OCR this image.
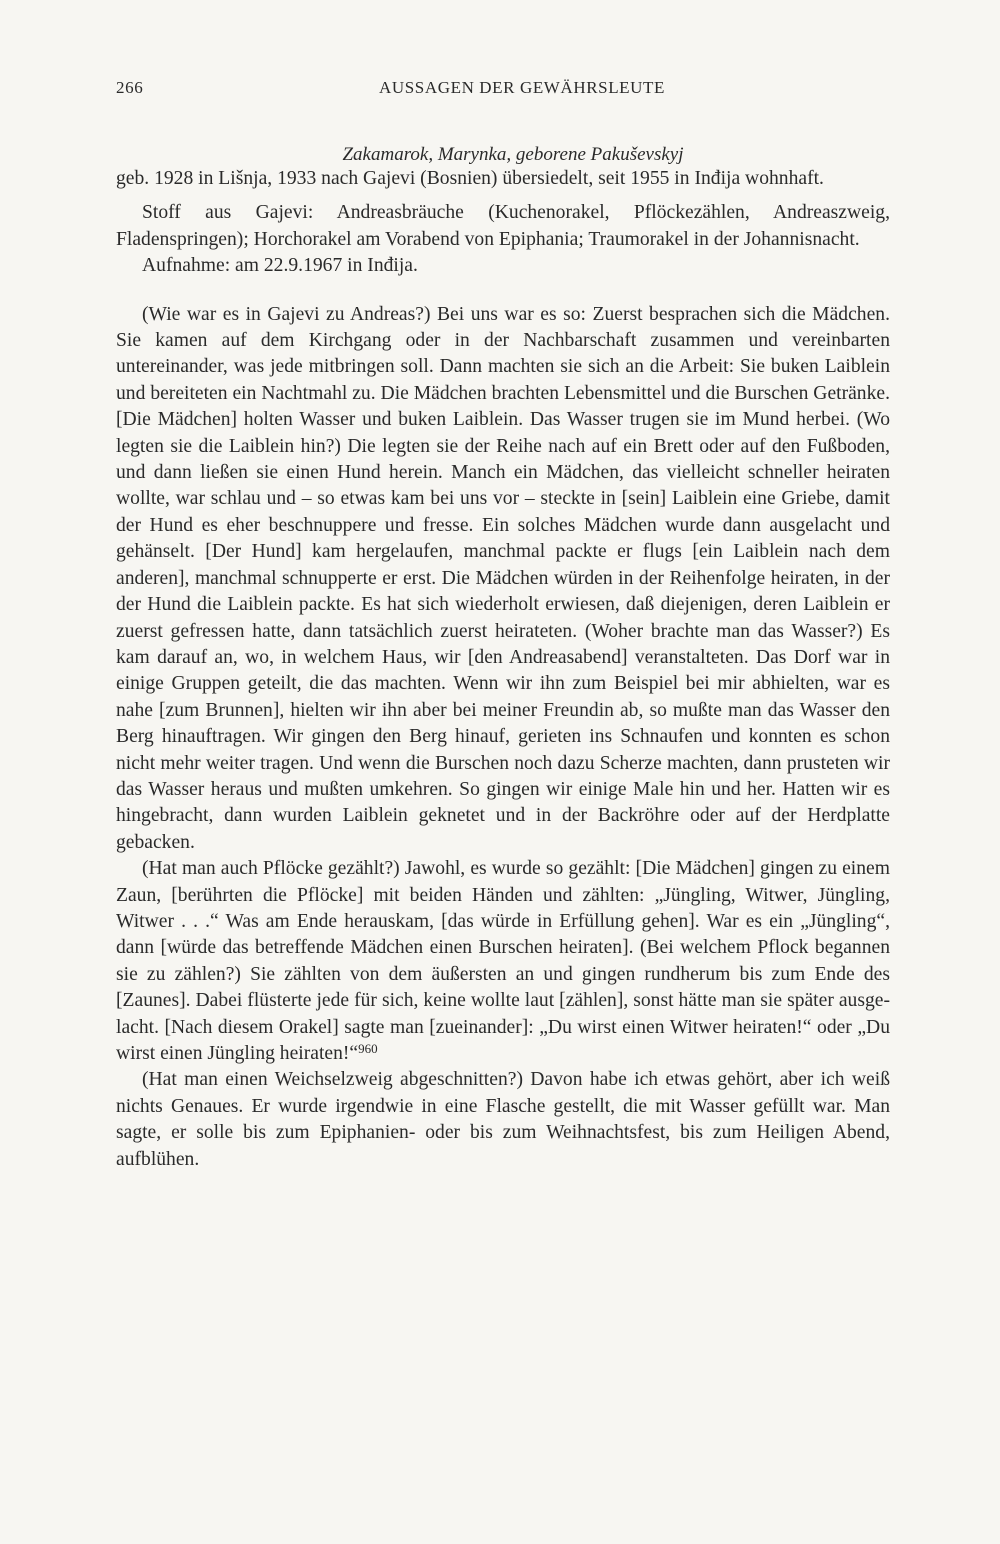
266	AUSSAGEN DER GEWÄHRSLEUTE
Zakamarok, Marynka, geborene Pakuševskyj

geb. 1928 in Lišnja, 1933 nach Gajevi (Bosnien) übersiedelt, seit 1955 in Inđija wohnhaft.

Stoff aus Gajevi: Andreasbräuche (Kuchenorakel, Pflöckezählen, Andreaszweig, Fladenspringen); Horchorakel am Vorabend von Epiphania; Traumorakel in der Johannisnacht.

Aufnahme: am 22.9.1967 in Inđija.

(Wie war es in Gajevi zu Andreas?) Bei uns war es so: Zuerst besprachen sich die Mädchen. Sie kamen auf dem Kirchgang oder in der Nachbarschaft zusammen und vereinbarten untereinander, was jede mitbringen soll. Dann machten sie sich an die Arbeit: Sie buken Laiblein und bereiteten ein Nachtmahl zu. Die Mädchen brachten Lebensmittel und die Burschen Getränke. [Die Mädchen] holten Wasser und buken Laiblein. Das Wasser trugen sie im Mund herbei. (Wo legten sie die Laiblein hin?) Die legten sie der Reihe nach auf ein Brett oder auf den Fußboden, und dann ließen sie einen Hund herein. Manch ein Mädchen, das vielleicht schneller heiraten wollte, war schlau und – so etwas kam bei uns vor – steckte in [sein] Laiblein eine Griebe, damit der Hund es eher beschnuppere und fresse. Ein solches Mädchen wurde dann ausgelacht und gehänselt. [Der Hund] kam hergelaufen, manchmal packte er flugs [ein Laiblein nach dem anderen], manchmal schnupperte er erst. Die Mädchen würden in der Reihenfolge heiraten, in der der Hund die Laiblein packte. Es hat sich wiederholt erwiesen, daß diejenigen, deren Laiblein er zuerst gefressen hatte, dann tatsächlich zuerst heirateten. (Woher brachte man das Wasser?) Es kam darauf an, wo, in welchem Haus, wir [den Andreasabend] veranstalteten. Das Dorf war in einige Gruppen geteilt, die das machten. Wenn wir ihn zum Beispiel bei mir abhielten, war es nahe [zum Brunnen], hielten wir ihn aber bei meiner Freundin ab, so mußte man das Wasser den Berg hinauftragen. Wir gingen den Berg hinauf, gerieten ins Schnaufen und konnten es schon nicht mehr weiter tragen. Und wenn die Burschen noch dazu Scherze machten, dann prusteten wir das Wasser heraus und mußten umkehren. So gingen wir einige Male hin und her. Hatten wir es hingebracht, dann wurden Laiblein geknetet und in der Backröhre oder auf der Herdplatte gebacken.

(Hat man auch Pflöcke gezählt?) Jawohl, es wurde so gezählt: [Die Mädchen] gingen zu einem Zaun, [berührten die Pflöcke] mit beiden Händen und zählten: „Jüngling, Witwer, Jüngling, Witwer . . .“ Was am Ende herauskam, [das würde in Erfüllung gehen]. War es ein „Jüngling“, dann [würde das betreffende Mädchen einen Burschen heiraten]. (Bei welchem Pflock begannen sie zu zählen?) Sie zählten von dem äußersten an und gingen rundherum bis zum Ende des [Zaunes]. Dabei flüsterte jede für sich, keine wollte laut [zählen], sonst hätte man sie später ausgelacht. [Nach diesem Orakel] sagte man [zueinander]: „Du wirst einen Witwer heiraten!“ oder „Du wirst einen Jüngling heiraten!“$^{960}$

(Hat man einen Weichselzweig abgeschnitten?) Davon habe ich etwas gehört, aber ich weiß nichts Genaues. Er wurde irgendwie in eine Flasche gestellt, die mit Wasser gefüllt war. Man sagte, er solle bis zum Epiphanien- oder bis zum Weihnachtsfest, bis zum Heiligen Abend, aufblühen.
